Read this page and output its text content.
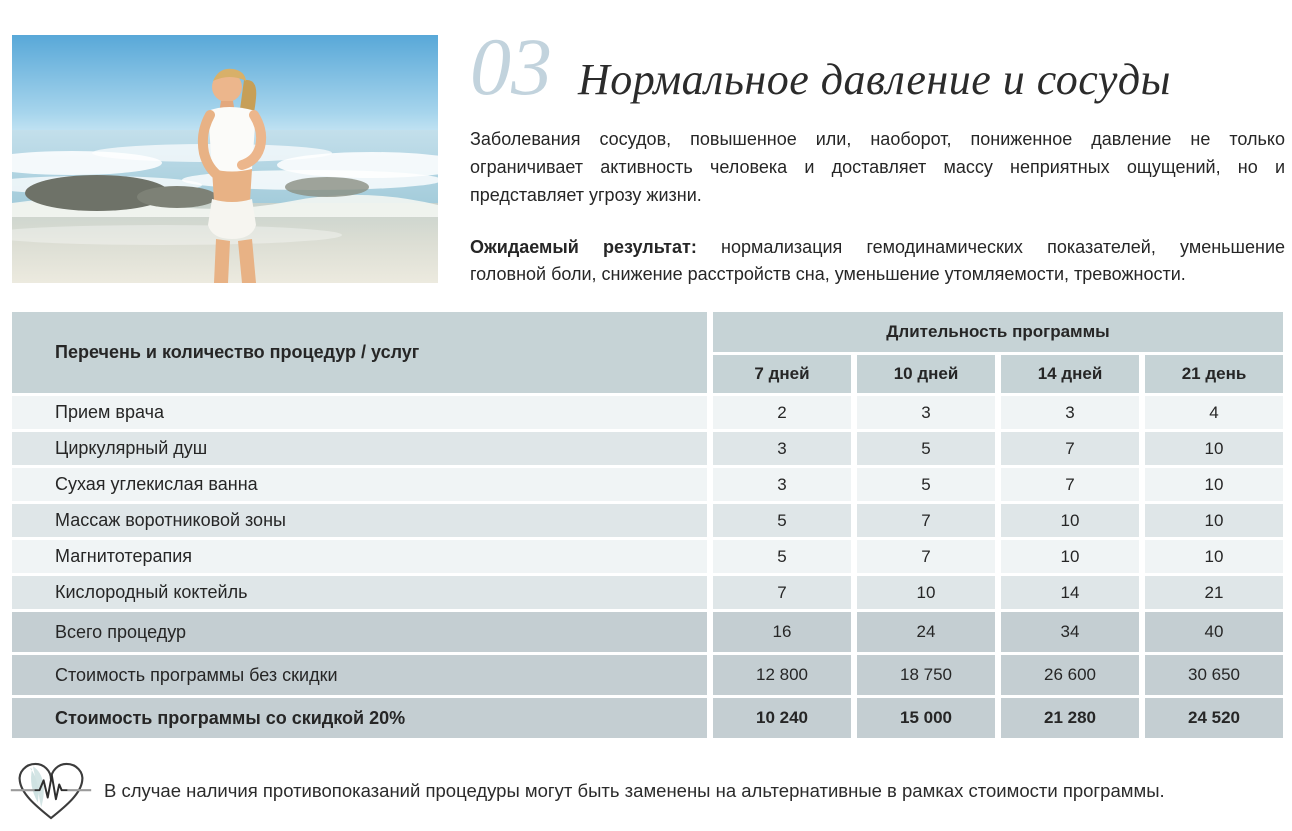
03 Нормальное давление и сосуды
Заболевания сосудов, повышенное или, наоборот, пониженное давление не только
ограничивает активность человека и доставляет массу неприятных ощущений, но и
представляет угрозу жизни.
Ожидаемый результат: нормализация гемодинамических показателей, уменьшение
головной боли, снижение расстройств сна, уменьшение утомляемости, тревожности.
Перечень и количество процедур / услуг
Длительность программы
7 дней	10 дней	14 дней	21 день
Прием врача	2	3	3	4
Циркулярный душ	3	5	7	10
Сухая углекислая ванна	3	5	7	10
Массаж воротниковой зоны	5	7	10	10
Магнитотерапия	5	7	10	10
Кислородный коктейль	7	10	14	21
Всего процедур	16	24	34	40
Стоимость программы без скидки	12 800	18 750	26 600	30 650
Стоимость программы со скидкой 20%	10 240	15 000	21 280	24 520
В случае наличия противопоказаний процедуры могут быть заменены на альтернативные в рамках стоимости программы.
